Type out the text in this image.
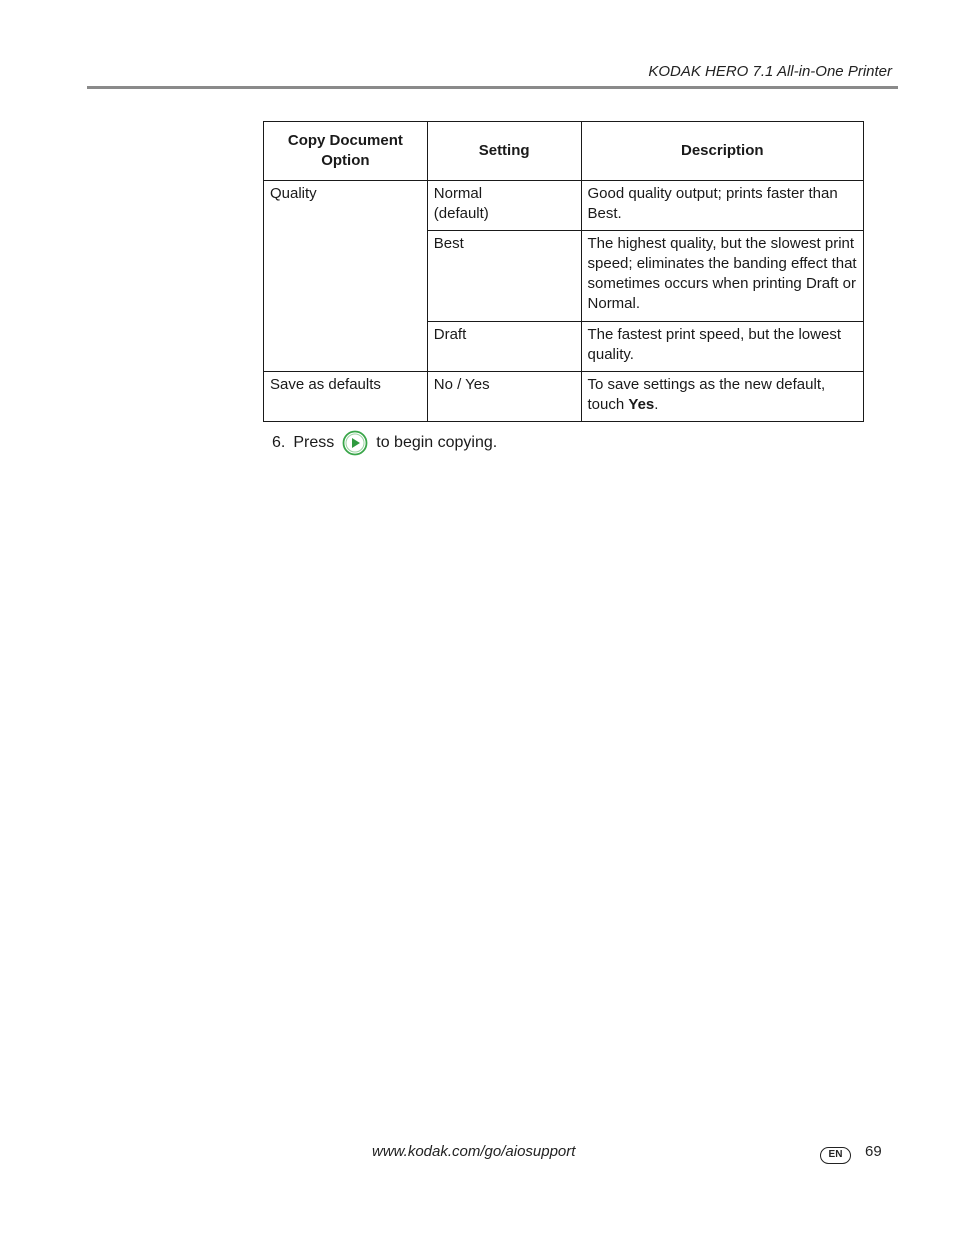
KODAK HERO 7.1 All-in-One Printer
Copy Document Option	Setting	Description
Quality	Normal (default)	Good quality output; prints faster than Best.
	Best	The highest quality, but the slowest print speed; eliminates the banding effect that sometimes occurs when printing Draft or Normal.
	Draft	The fastest print speed, but the lowest quality.
Save as defaults	No / Yes	To save settings as the new default, touch Yes.
6. Press	to begin copying.
www.kodak.com/go/aiosupport	EN	69
